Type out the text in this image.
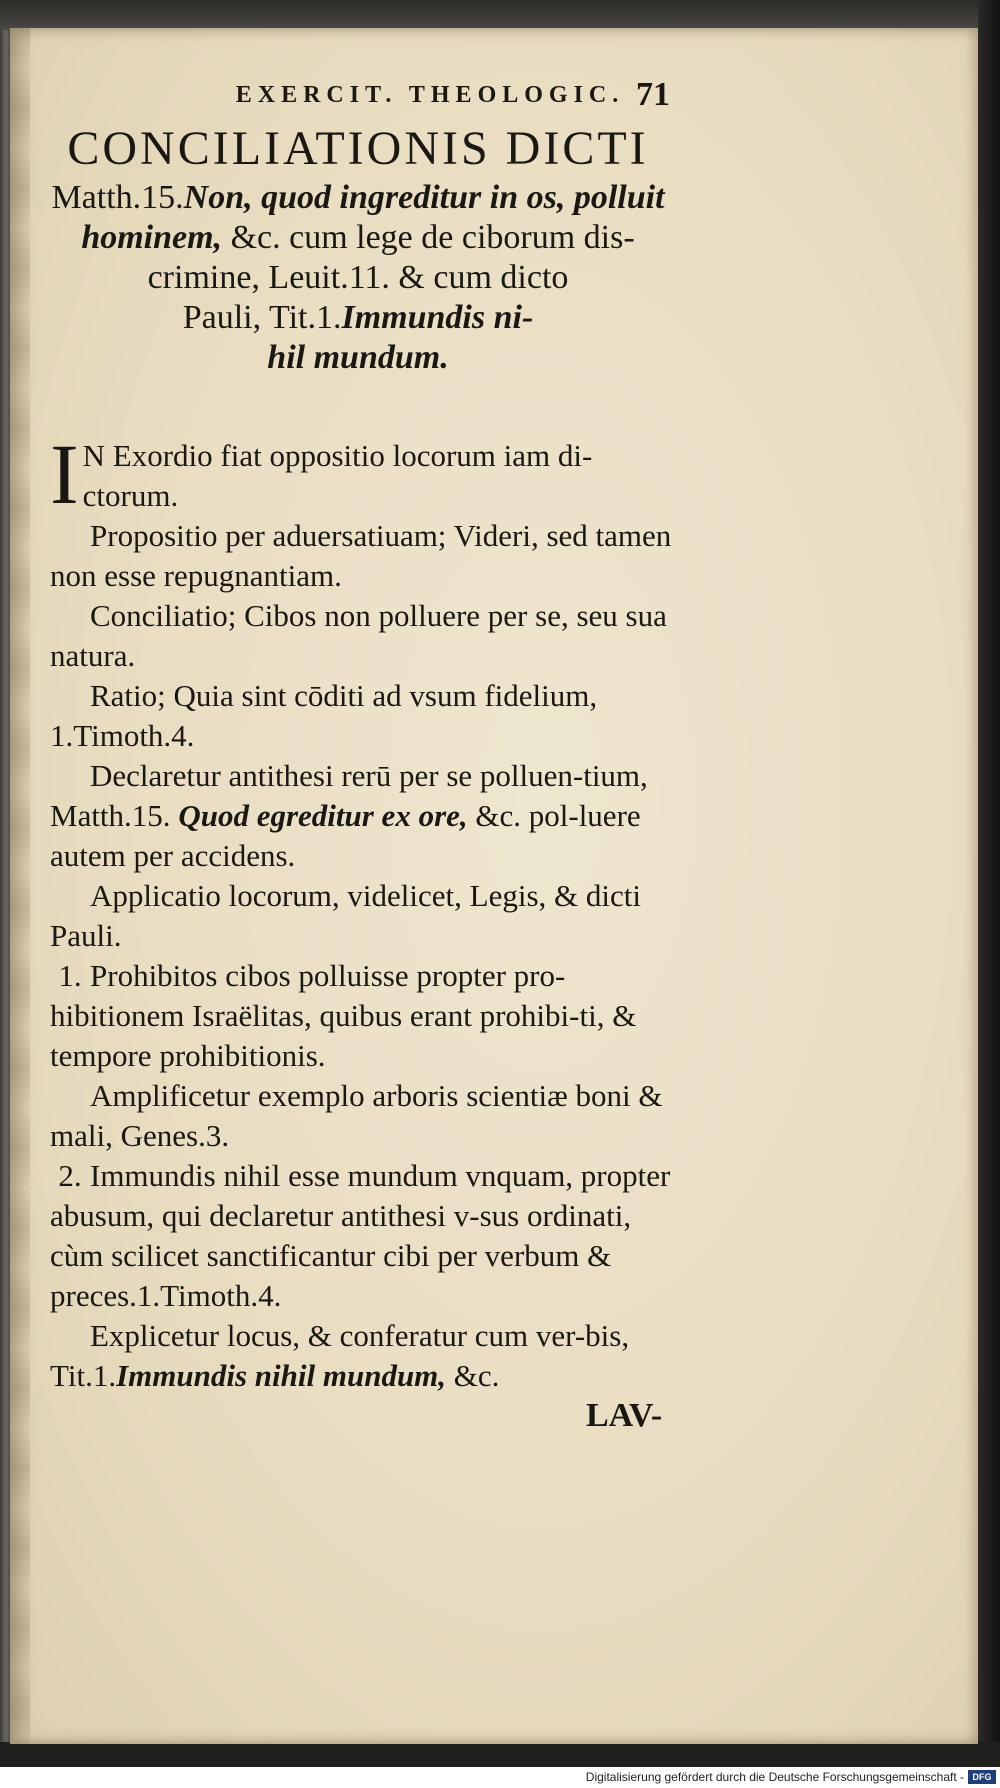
EXERCIT. THEOLOGIC. 71
CONCILIATIONIS DICTI
Matth.15.Non, quod ingreditur in os, polluit
hominem, &c. cum lege de ciborum dis-
crimine, Leuit.11. & cum dicto
Pauli, Tit.1.Immundis ni-
hil mundum.

I N Exordio fiat oppositio locorum iam di-ctorum.

Propositio per aduersatiuam; Videri, sed tamen non esse repugnantiam.

Conciliatio; Cibos non polluere per se, seu sua natura.

Ratio; Quia sint cōditi ad vsum fidelium, 1.Timoth.4.

Declaretur antithesi rerū per se polluen-tium, Matth.15. Quod egreditur ex ore, &c. pol-luere autem per accidens.

Applicatio locorum, videlicet, Legis, & dicti Pauli.

1. Prohibitos cibos polluisse propter pro-hibitionem Israëlitas, quibus erant prohibi-ti, & tempore prohibitionis.

Amplificetur exemplo arboris scientiæ boni & mali, Genes.3.

2. Immundis nihil esse mundum vnquam, propter abusum, qui declaretur antithesi v-sus ordinati, cùm scilicet sanctificantur cibi per verbum & preces.1.Timoth.4.

Explicetur locus, & conferatur cum ver-bis, Tit.1.Immundis nihil mundum, &c.

LAV-
Digitalisierung gefördert durch die Deutsche Forschungsgemeinschaft - DFG
